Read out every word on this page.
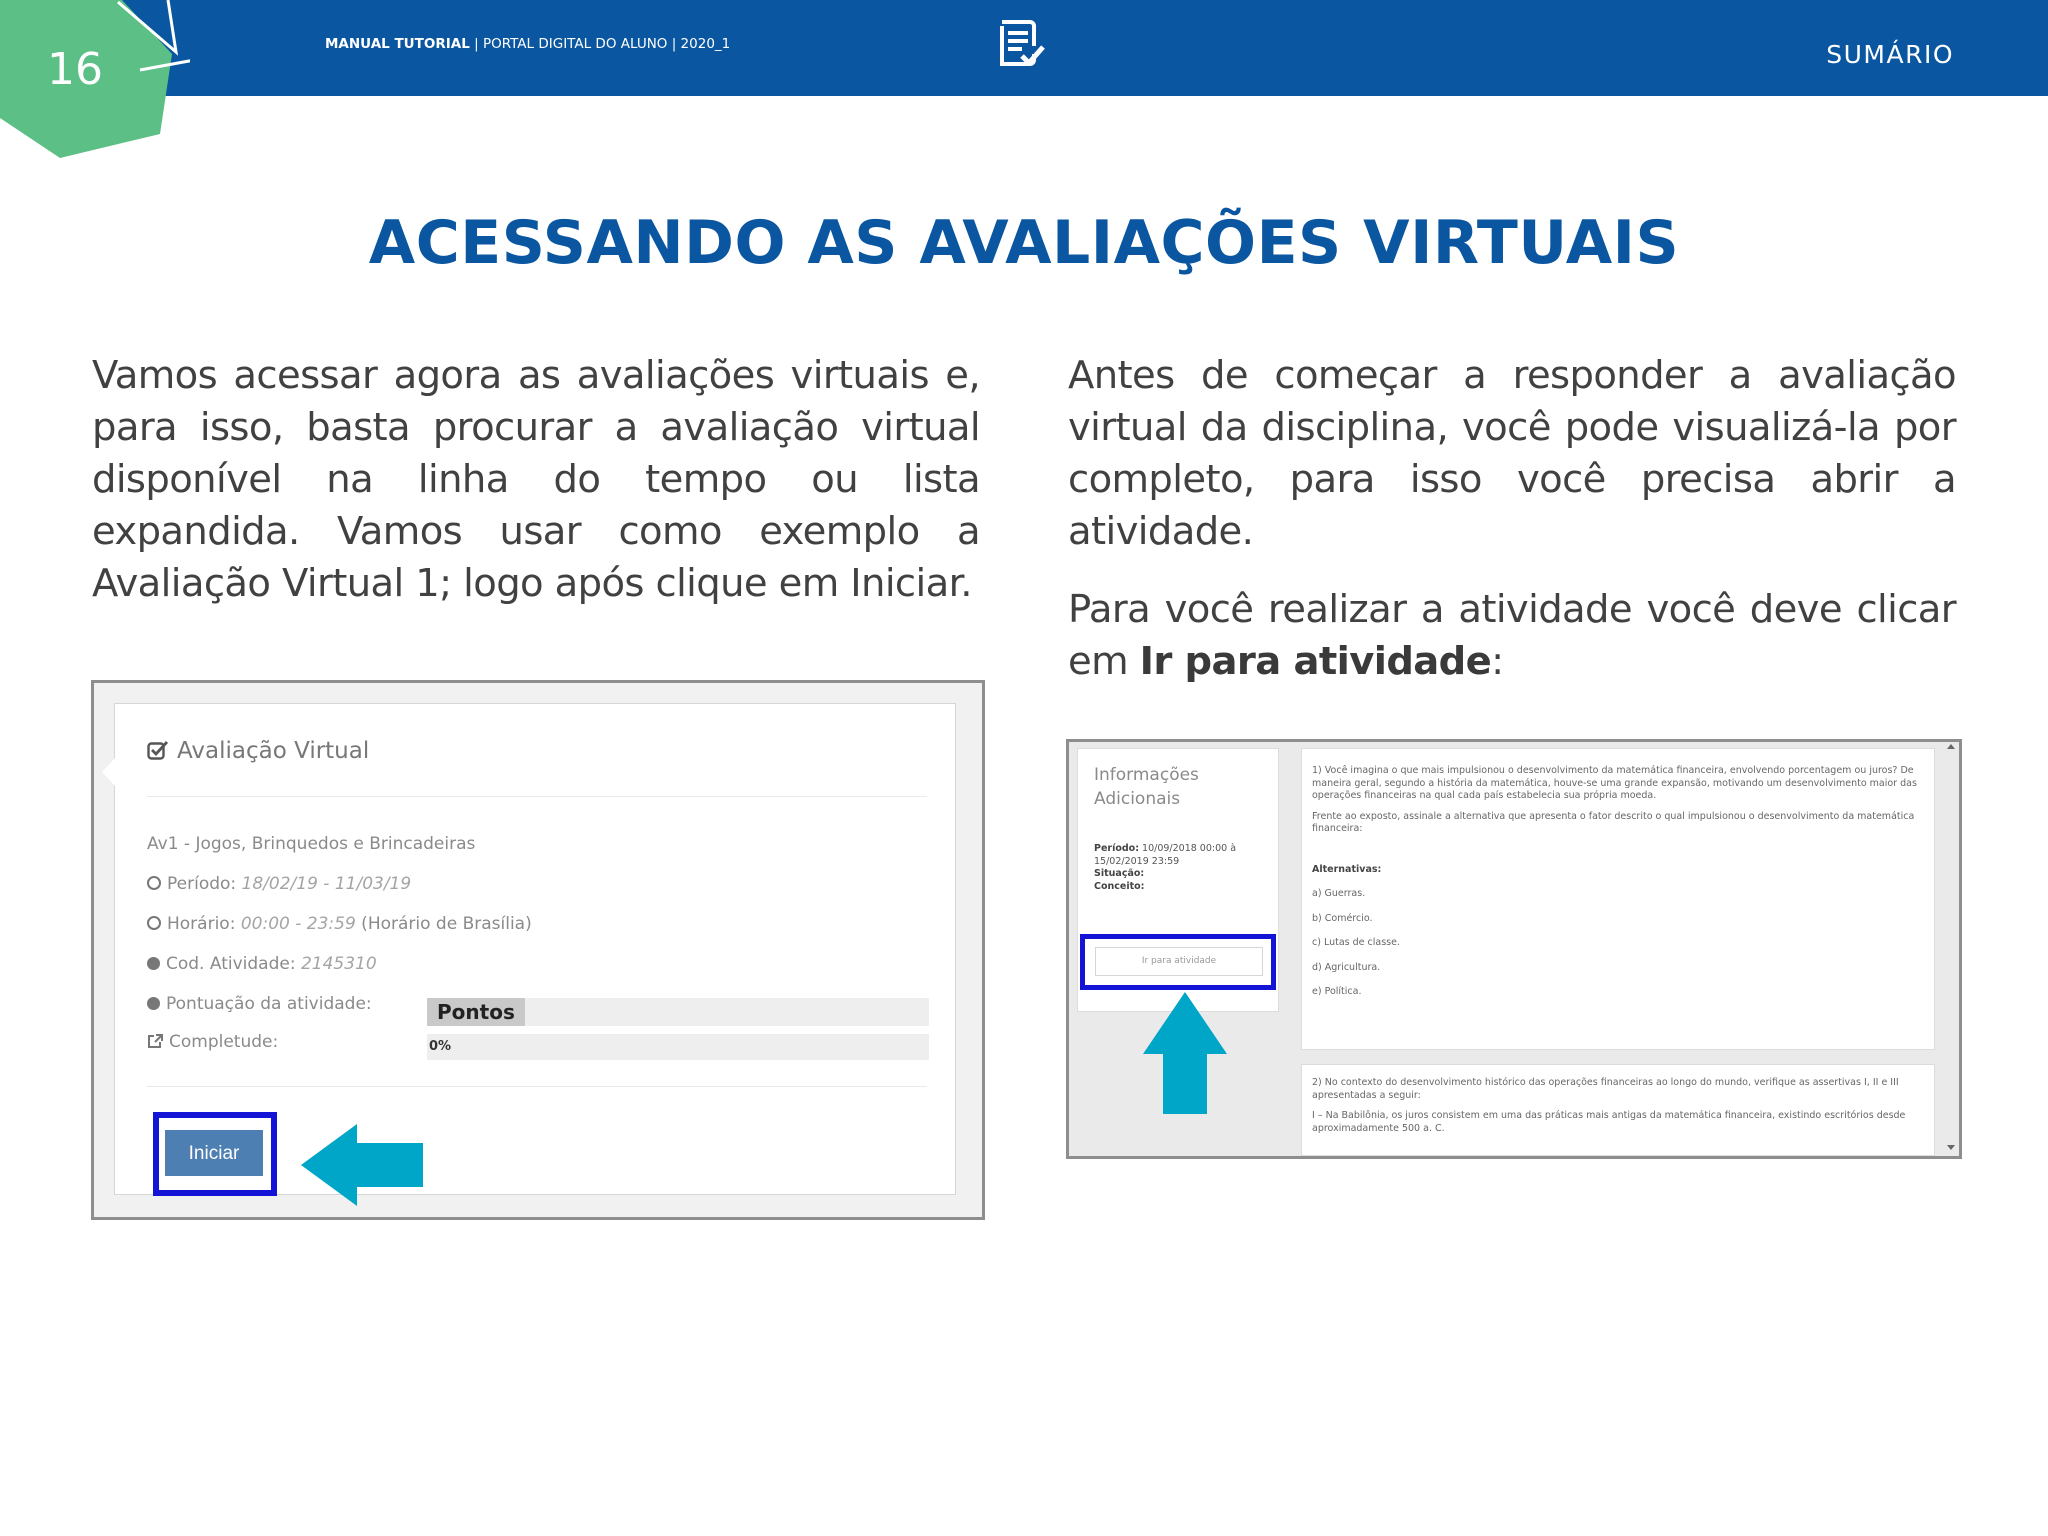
16	MANUAL TUTORIAL | PORTAL DIGITAL DO ALUNO | 2020_1	SUMÁRIO
ACESSANDO AS AVALIAÇÕES VIRTUAIS

Vamos acessar agora as avaliações virtuais e, para isso, basta procurar a avaliação virtual disponível na linha do tempo ou lista expandida. Vamos usar como exemplo a Avaliação Virtual 1; logo após clique em Iniciar.

Antes de começar a responder a avaliação virtual da disciplina, você pode visualizá-la por completo, para isso você precisa abrir a atividade.

Para você realizar a atividade você deve clicar em Ir para atividade:

Avaliação Virtual
Av1 - Jogos, Brinquedos e Brincadeiras
Período: 18/02/19 - 11/03/19
Horário: 00:00 - 23:59 (Horário de Brasília)
Cod. Atividade: 2145310
Pontuação da atividade:	Pontos
Completude:	0%
Iniciar
Informações Adicionais
Período: 10/09/2018 00:00 à 15/02/2019 23:59
Situação:
Conceito:
Ir para atividade

1) Você imagina o que mais impulsionou o desenvolvimento da matemática financeira, envolvendo porcentagem ou juros? De maneira geral, segundo a história da matemática, houve-se uma grande expansão, motivando um desenvolvimento maior das operações financeiras na qual cada país estabelecia sua própria moeda.

Frente ao exposto, assinale a alternativa que apresenta o fator descrito o qual impulsionou o desenvolvimento da matemática financeira:

Alternativas:

a) Guerras.

b) Comércio.

c) Lutas de classe.

d) Agricultura.

e) Política.

2) No contexto do desenvolvimento histórico das operações financeiras ao longo do mundo, verifique as assertivas I, II e III apresentadas a seguir:

I – Na Babilônia, os juros consistem em uma das práticas mais antigas da matemática financeira, existindo escritórios desde aproximadamente 500 a. C.
